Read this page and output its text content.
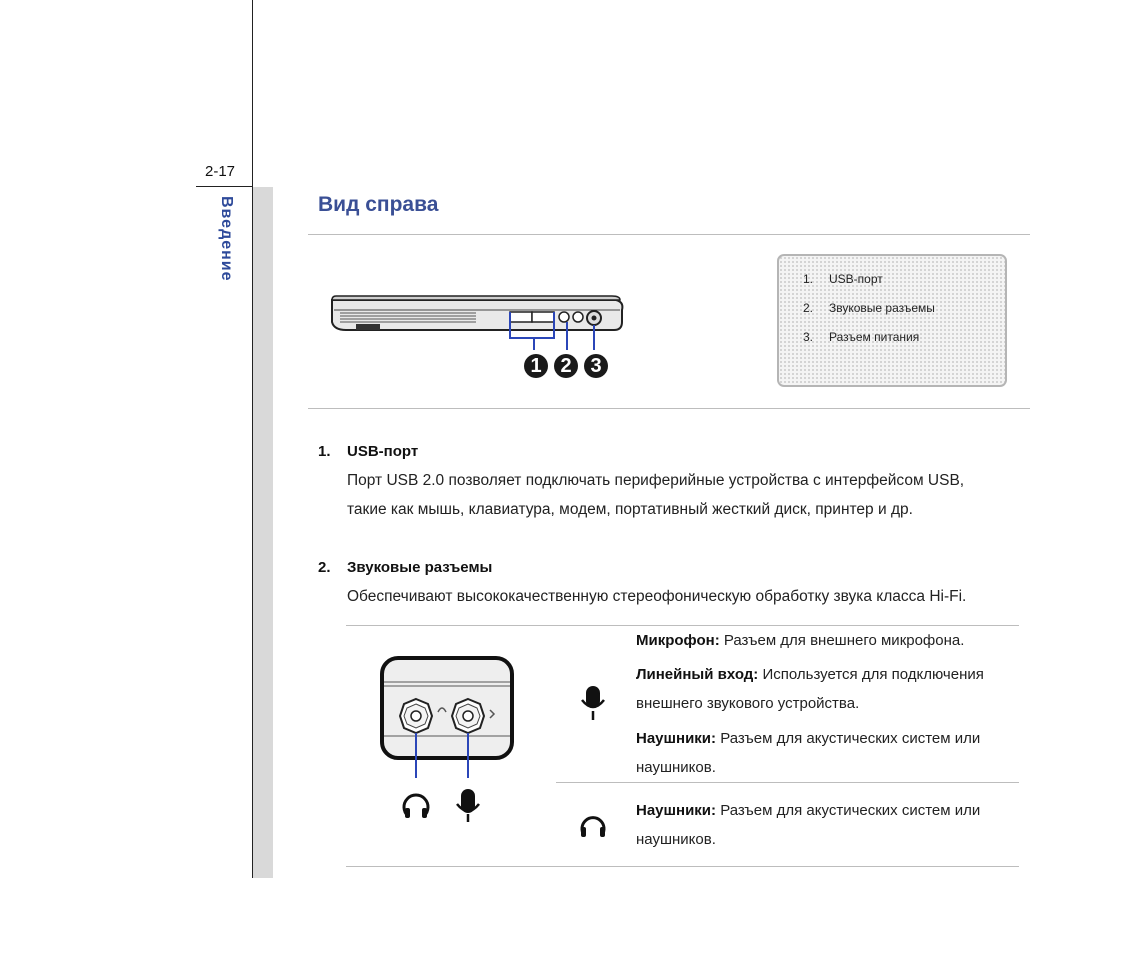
2-17
Введение	Вид справа
1 2 3
1. USB-порт
2. Звуковые разъемы
3. Разъем питания
1. USB-порт
Порт USB 2.0 позволяет подключать периферийные устройства с интерфейсом USB,
такие как мышь, клавиатура, модем, портативный жесткий диск, принтер и др.
2. Звуковые разъемы
Обеспечивают высококачественную стереофоническую обработку звука класса Hi-Fi.
Микрофон: Разъем для внешнего микрофона.
Линейный вход: Используется для подключения
внешнего звукового устройства.
Наушники: Разъем для акустических систем или
наушников.
Наушники: Разъем для акустических систем или
наушников.
